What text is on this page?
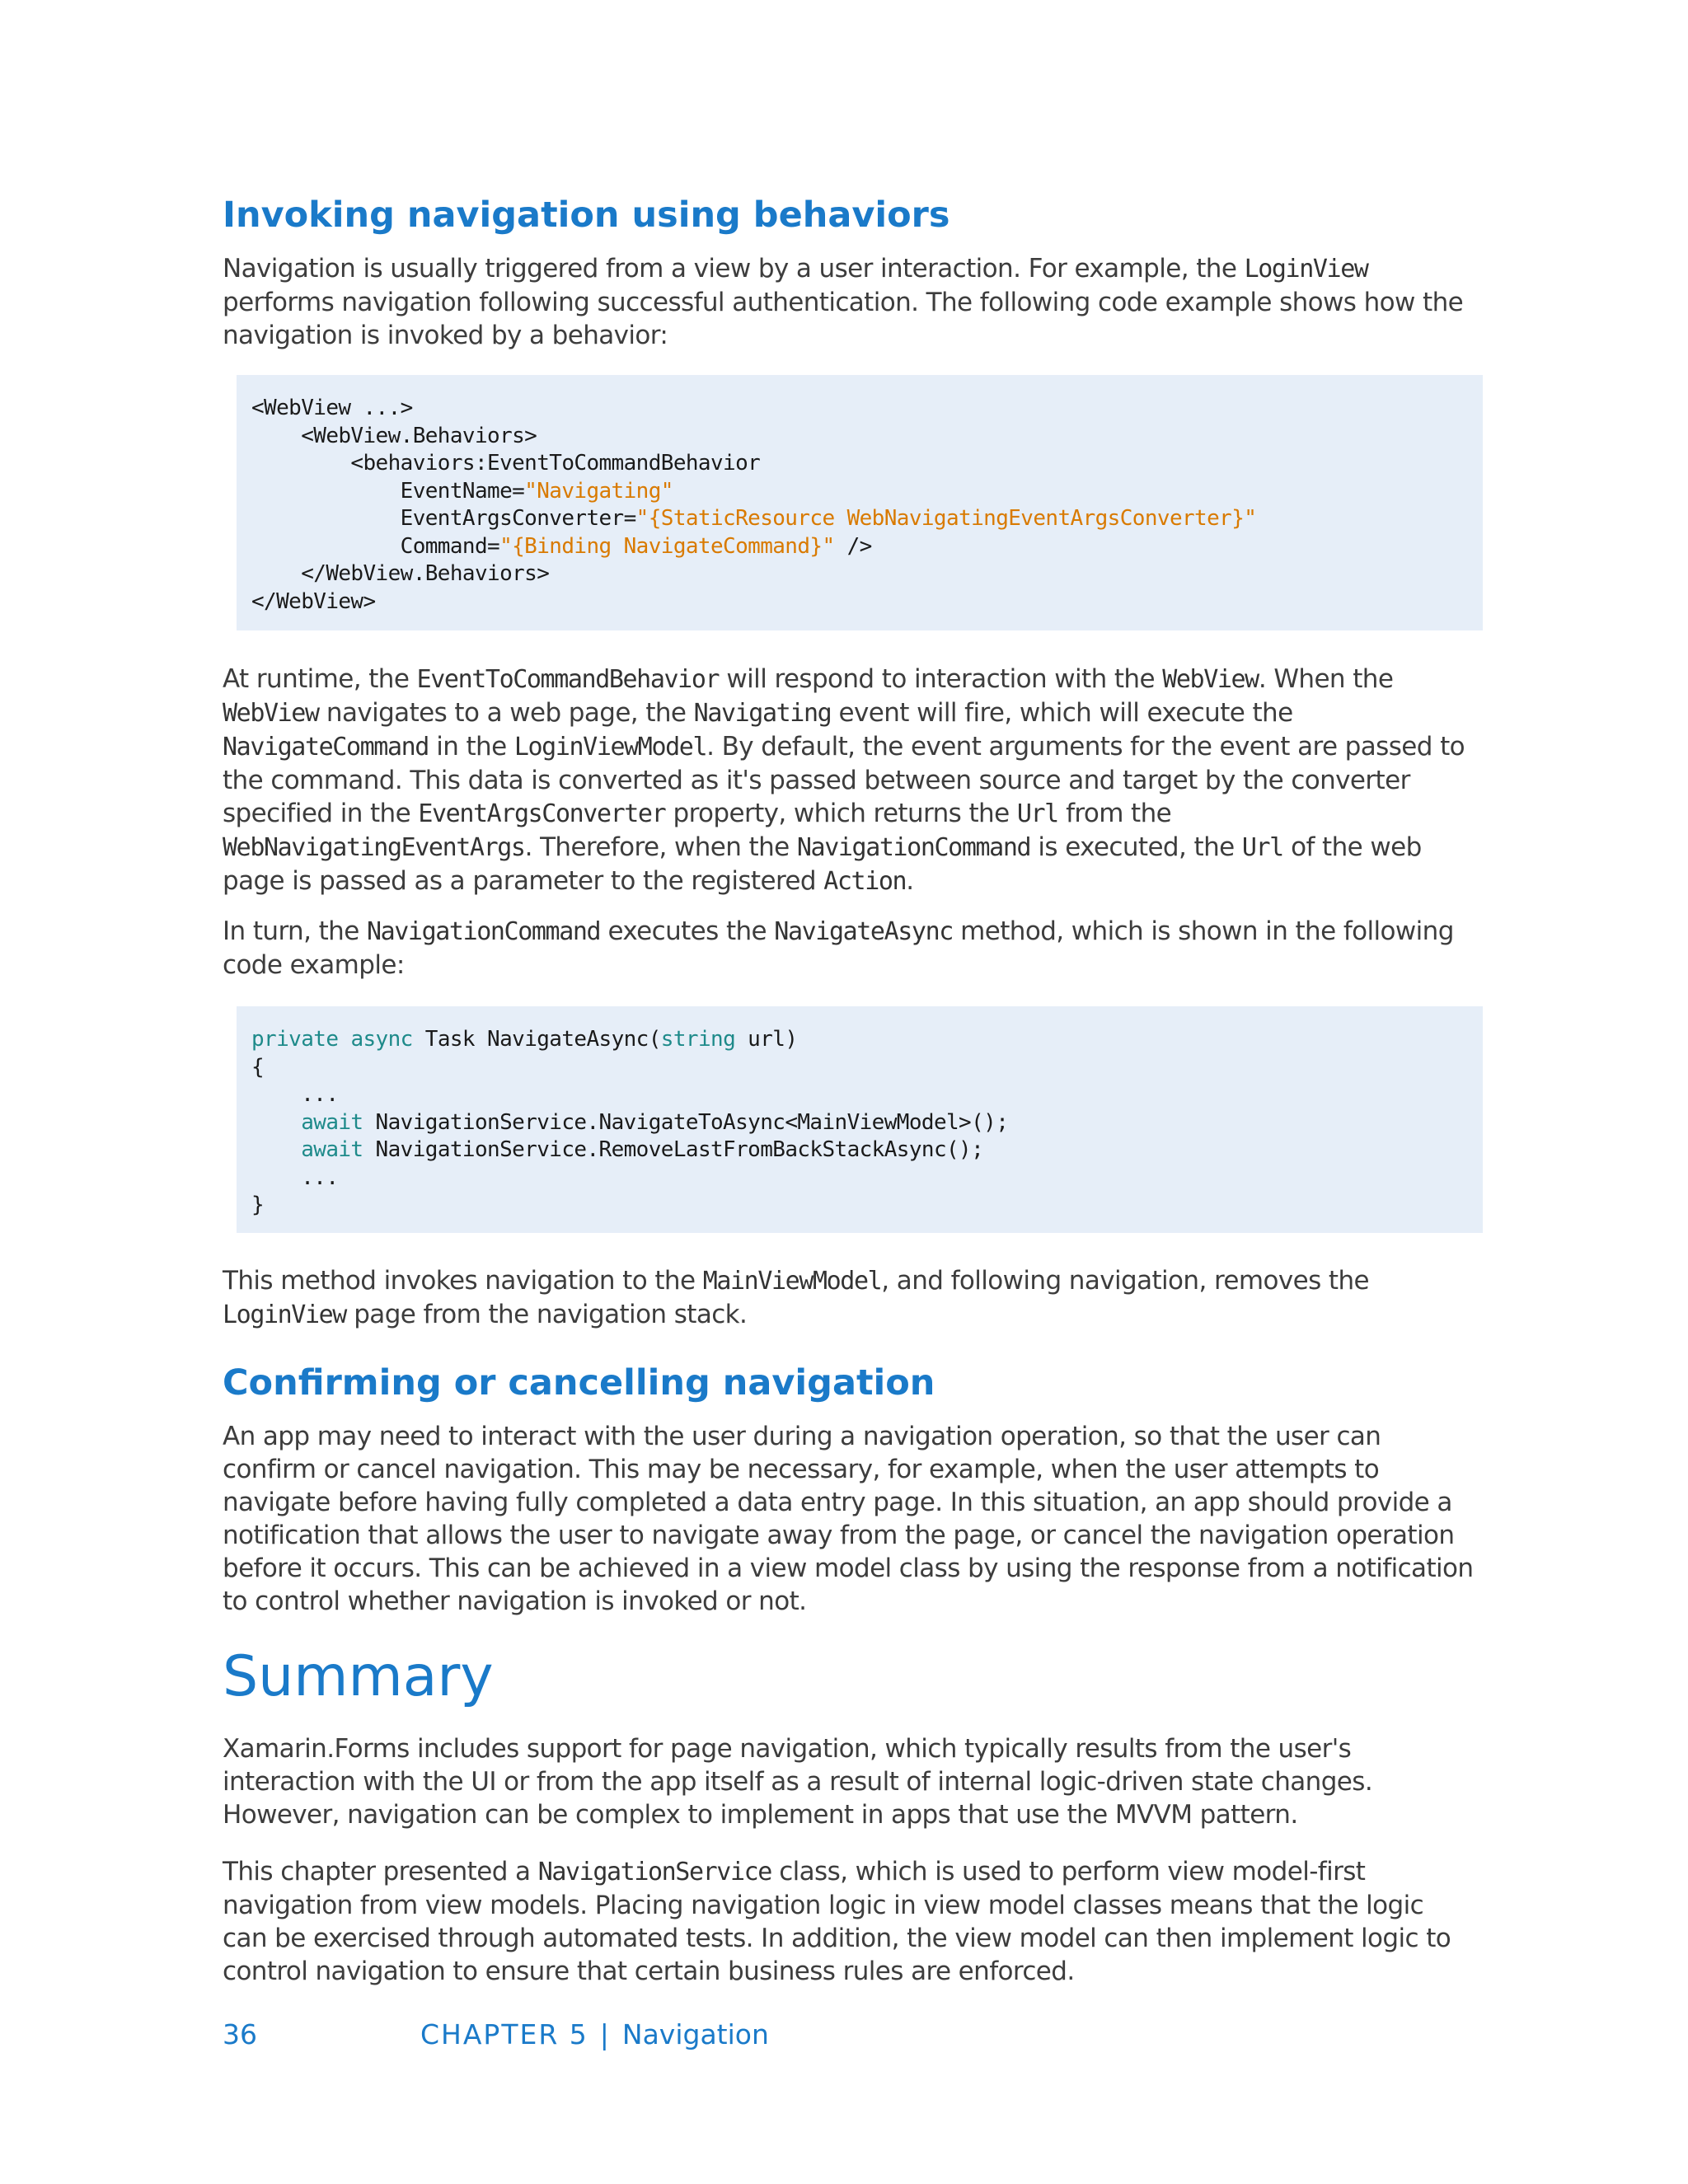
Invoking navigation using behaviors

Navigation is usually triggered from a view by a user interaction. For example, the LoginView performs navigation following successful authentication. The following code example shows how the navigation is invoked by a behavior:

<WebView ...>
<WebView.Behaviors>
<behaviors:EventToCommandBehavior
EventName="Navigating"
EventArgsConverter="{StaticResource WebNavigatingEventArgsConverter}"
Command="{Binding NavigateCommand}" />
</WebView.Behaviors>
</WebView>

At runtime, the EventToCommandBehavior will respond to interaction with the WebView. When the WebView navigates to a web page, the Navigating event will fire, which will execute the NavigateCommand in the LoginViewModel. By default, the event arguments for the event are passed to the command. This data is converted as it's passed between source and target by the converter specified in the EventArgsConverter property, which returns the Url from the WebNavigatingEventArgs. Therefore, when the NavigationCommand is executed, the Url of the web page is passed as a parameter to the registered Action.

In turn, the NavigationCommand executes the NavigateAsync method, which is shown in the following code example:

private async Task NavigateAsync(string url)
{
...
await NavigationService.NavigateToAsync<MainViewModel>();
await NavigationService.RemoveLastFromBackStackAsync();
...
}

This method invokes navigation to the MainViewModel, and following navigation, removes the LoginView page from the navigation stack.

Confirming or cancelling navigation

An app may need to interact with the user during a navigation operation, so that the user can confirm or cancel navigation. This may be necessary, for example, when the user attempts to navigate before having fully completed a data entry page. In this situation, an app should provide a notification that allows the user to navigate away from the page, or cancel the navigation operation before it occurs. This can be achieved in a view model class by using the response from a notification to control whether navigation is invoked or not.

Summary

Xamarin.Forms includes support for page navigation, which typically results from the user's interaction with the UI or from the app itself as a result of internal logic-driven state changes. However, navigation can be complex to implement in apps that use the MVVM pattern.

This chapter presented a NavigationService class, which is used to perform view model-first navigation from view models. Placing navigation logic in view model classes means that the logic can be exercised through automated tests. In addition, the view model can then implement logic to control navigation to ensure that certain business rules are enforced.

36	CHAPTER 5 | Navigation
